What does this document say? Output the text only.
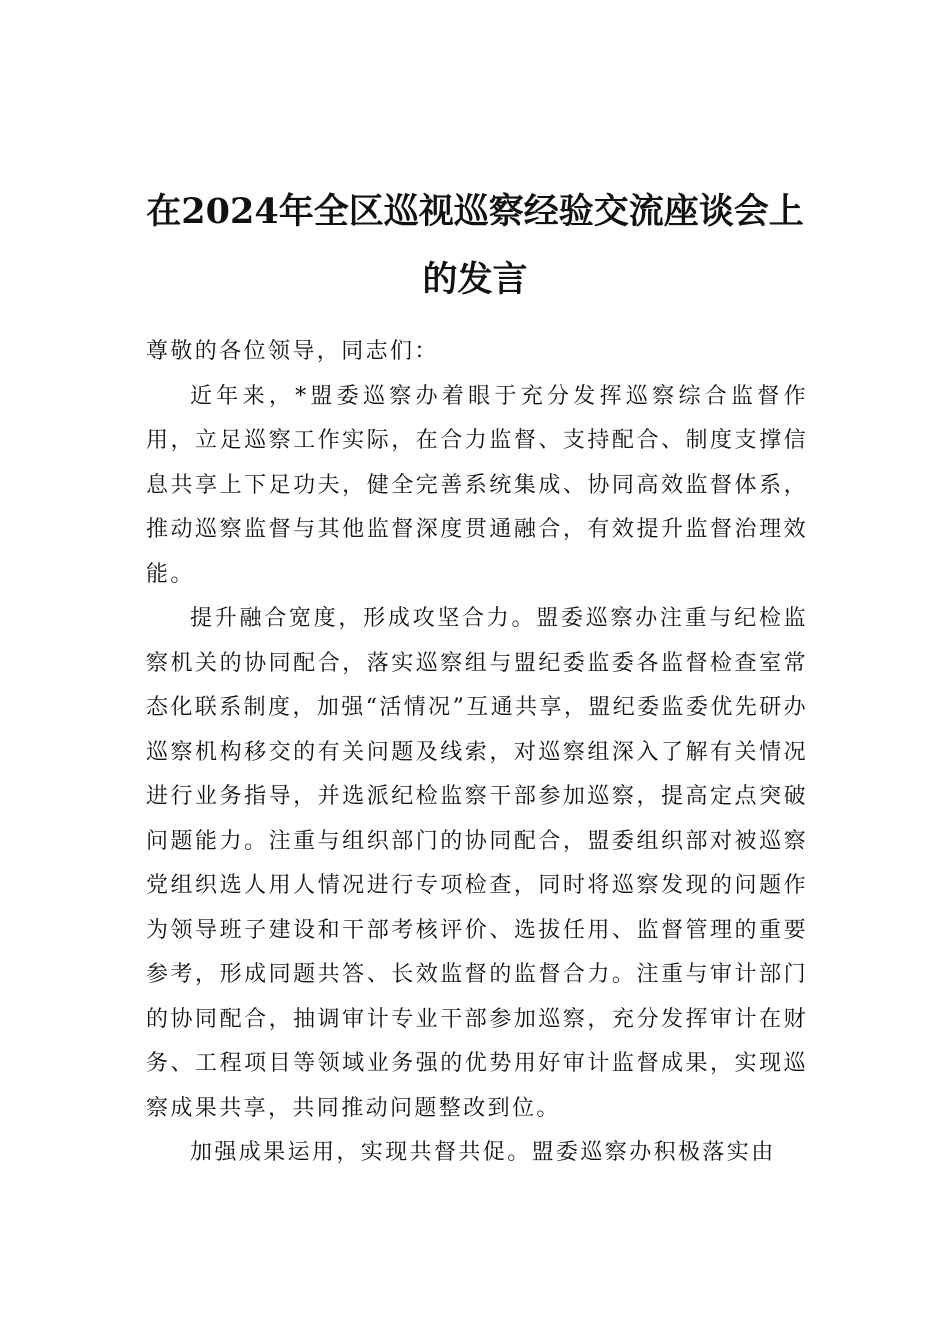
在2024年全区巡视巡察经验交流座谈会上
的发言

尊敬的各位领导，同志们：

近年来，*盟委巡察办着眼于充分发挥巡察综合监督作用，立足巡察工作实际，在合力监督、支持配合、制度支撑信息共享上下足功夫，健全完善系统集成、协同高效监督体系，推动巡察监督与其他监督深度贯通融合，有效提升监督治理效能。

提升融合宽度，形成攻坚合力。盟委巡察办注重与纪检监察机关的协同配合，落实巡察组与盟纪委监委各监督检查室常态化联系制度，加强“活情况”互通共享，盟纪委监委优先研办巡察机构移交的有关问题及线索，对巡察组深入了解有关情况进行业务指导，并选派纪检监察干部参加巡察，提高定点突破问题能力。注重与组织部门的协同配合，盟委组织部对被巡察党组织选人用人情况进行专项检查，同时将巡察发现的问题作为领导班子建设和干部考核评价、选拔任用、监督管理的重要参考，形成同题共答、长效监督的监督合力。注重与审计部门的协同配合，抽调审计专业干部参加巡察，充分发挥审计在财务、工程项目等领域业务强的优势用好审计监督成果，实现巡察成果共享，共同推动问题整改到位。

加强成果运用，实现共督共促。盟委巡察办积极落实由
